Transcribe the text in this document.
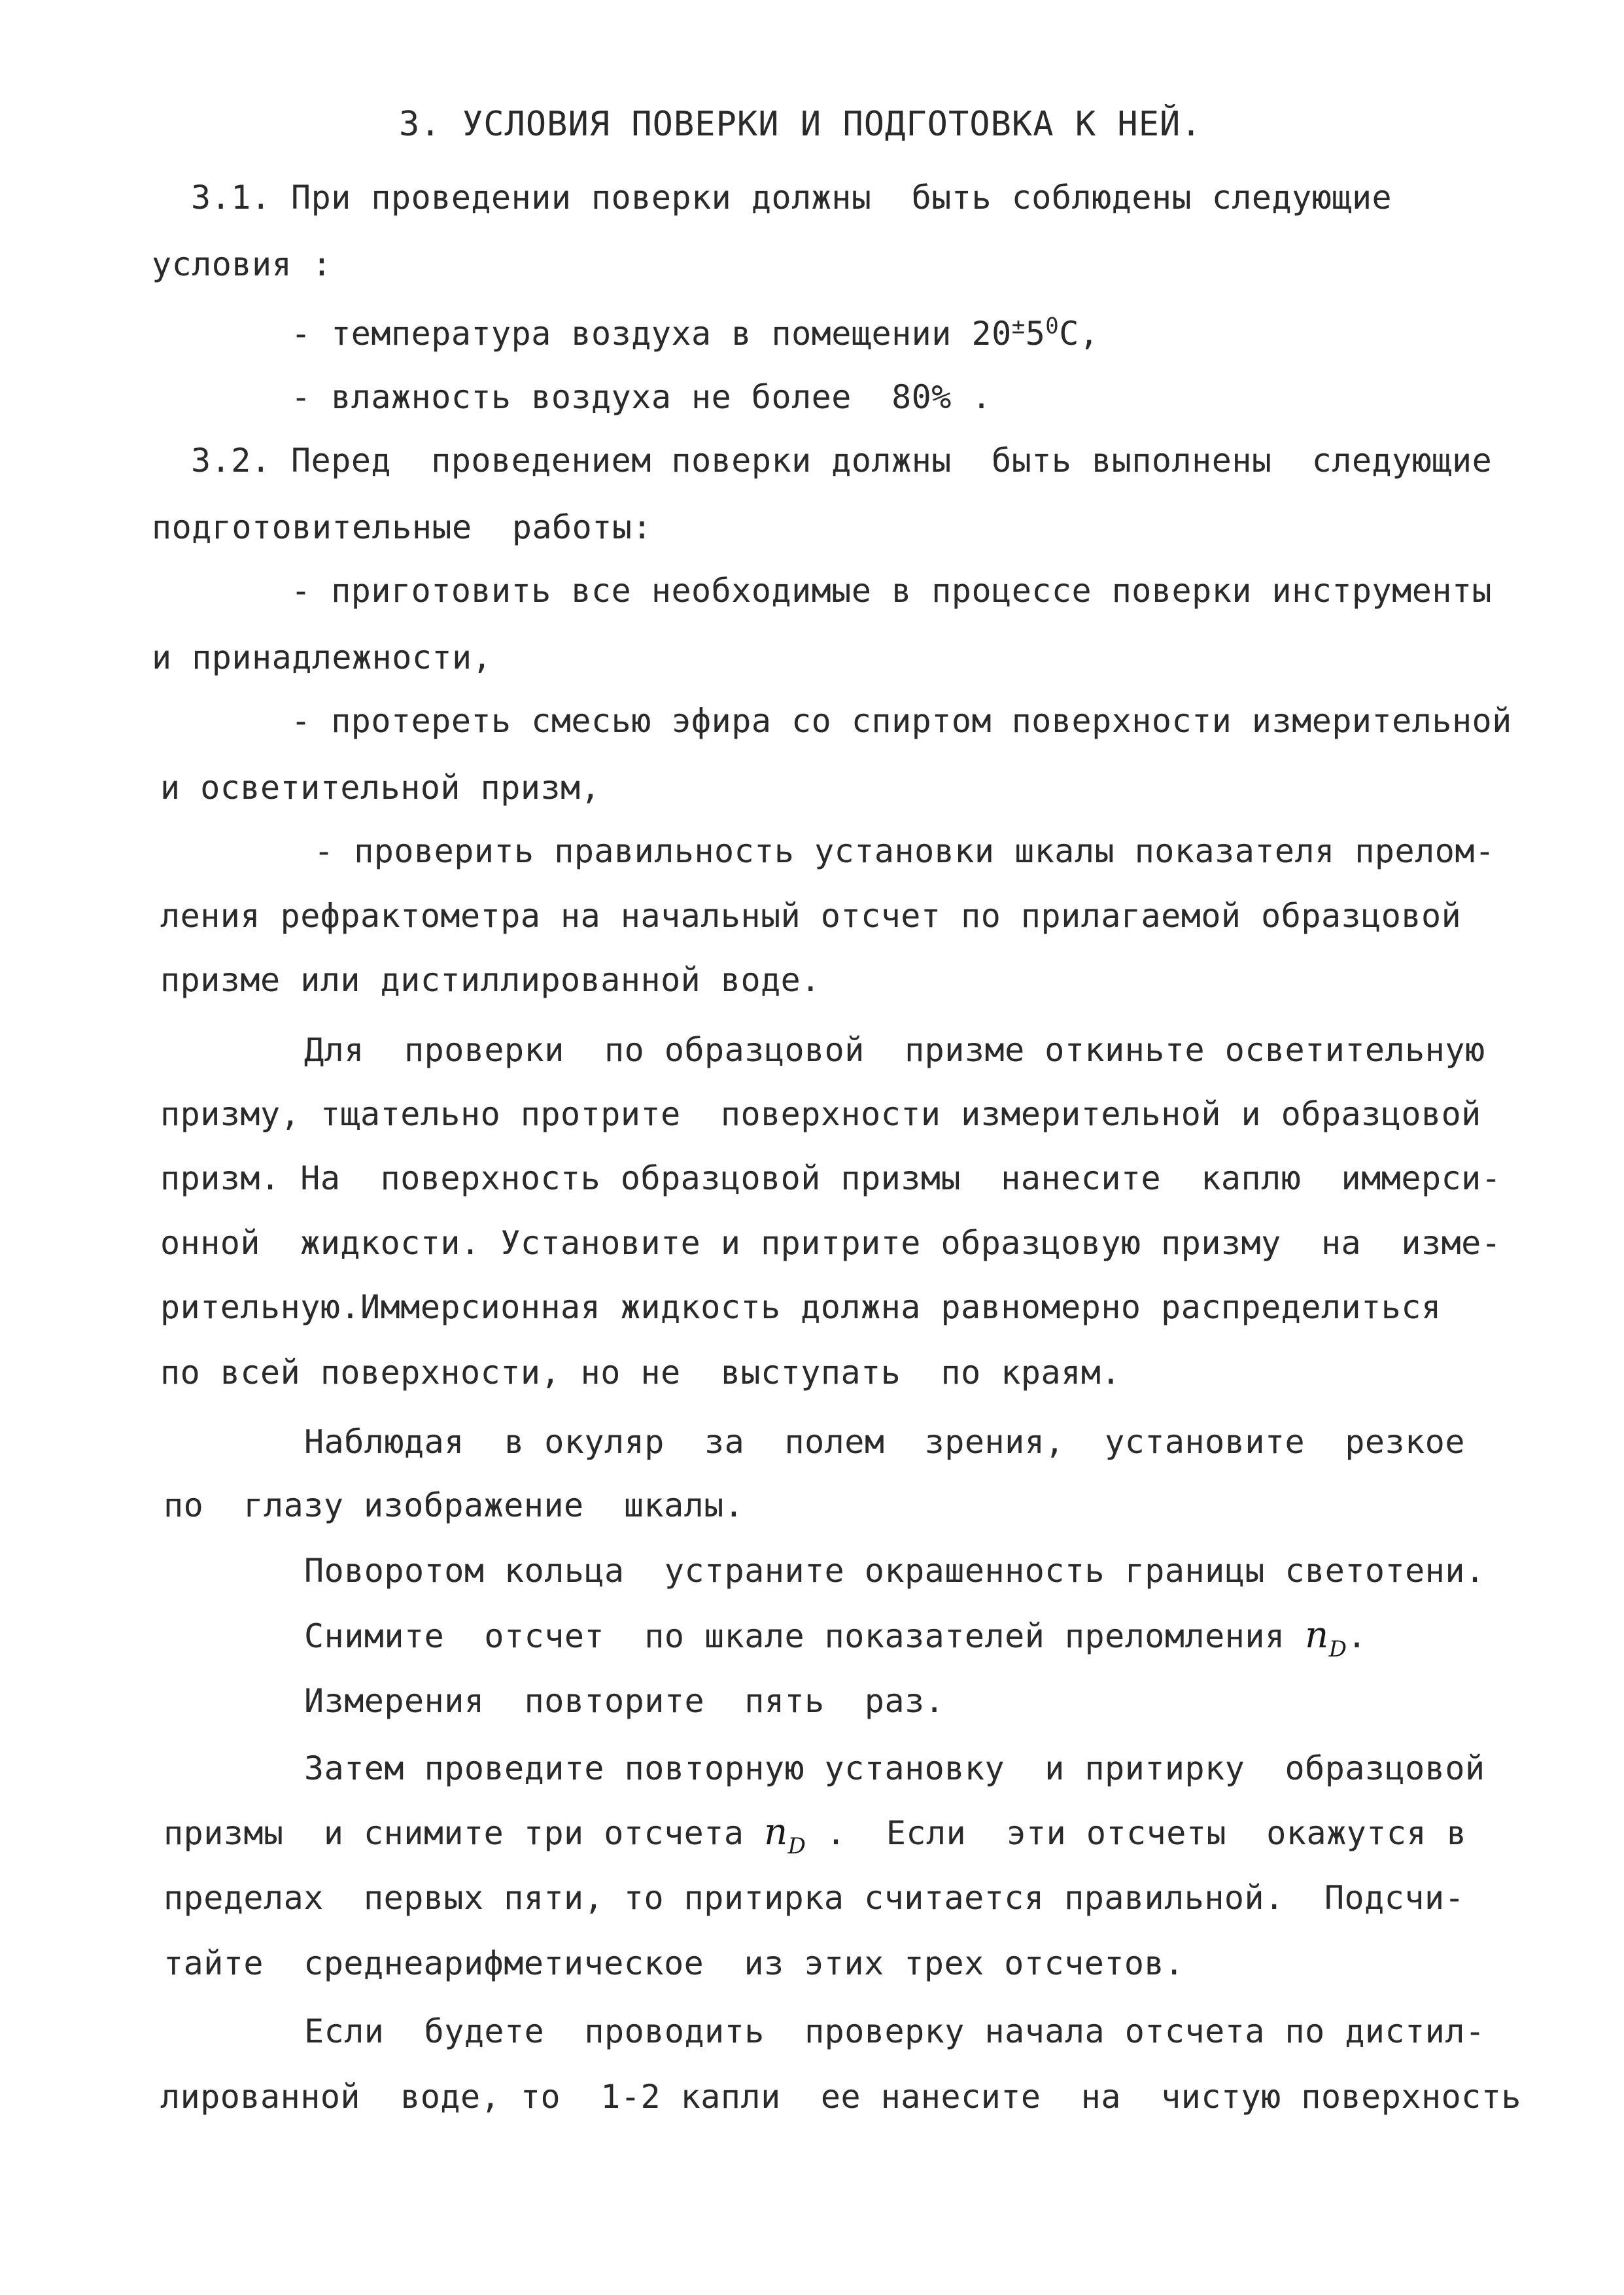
3. УСЛОВИЯ ПОВЕРКИ И ПОДГОТОВКА К НЕЙ.
3.1. При проведении поверки должны  быть соблюдены следующие
условия :
- температура воздуха в помещении $20^\pm 5^0С$,
- влажность воздуха не более  80% .
3.2. Перед  проведением поверки должны  быть выполнены  следующие
подготовительные  работы:
- приготовить все необходимые в процессе поверки инструменты
и принадлежности,
- протереть смесью эфира со спиртом поверхности измерительной
и осветительной призм,
- проверить правильность установки шкалы показателя прелом-
ления рефрактометра на начальный отсчет по прилагаемой образцовой
призме или дистиллированной воде.
Для  проверки  по образцовой  призме откиньте осветительную
призму, тщательно протрите  поверхности измерительной и образцовой
призм. На  поверхность образцовой призмы  нанесите  каплю  иммерси-
онной  жидкости. Установите и притрите образцовую призму  на  изме-
рительную.Иммерсионная жидкость должна равномерно распределиться
по всей поверхности, но не  выступать  по краям.
Наблюдая  в окуляр  за  полем  зрения,  установите  резкое
по  глазу изображение  шкалы.
Поворотом кольца  устраните окрашенность границы светотени.
Снимите  отсчет  по шкале показателей преломления $n_D$.
Измерения  повторите  пять  раз.
Затем проведите повторную установку  и притирку  образцовой
призмы  и снимите три отсчета $n_D$ .  Если  эти отсчеты  окажутся в
пределах  первых пяти, то притирка считается правильной.  Подсчи-
тайте  среднеарифметическое  из этих трех отсчетов.
Если  будете  проводить  проверку начала отсчета по дистил-
лированной  воде, то  1-2 капли  ее нанесите  на  чистую поверхность
